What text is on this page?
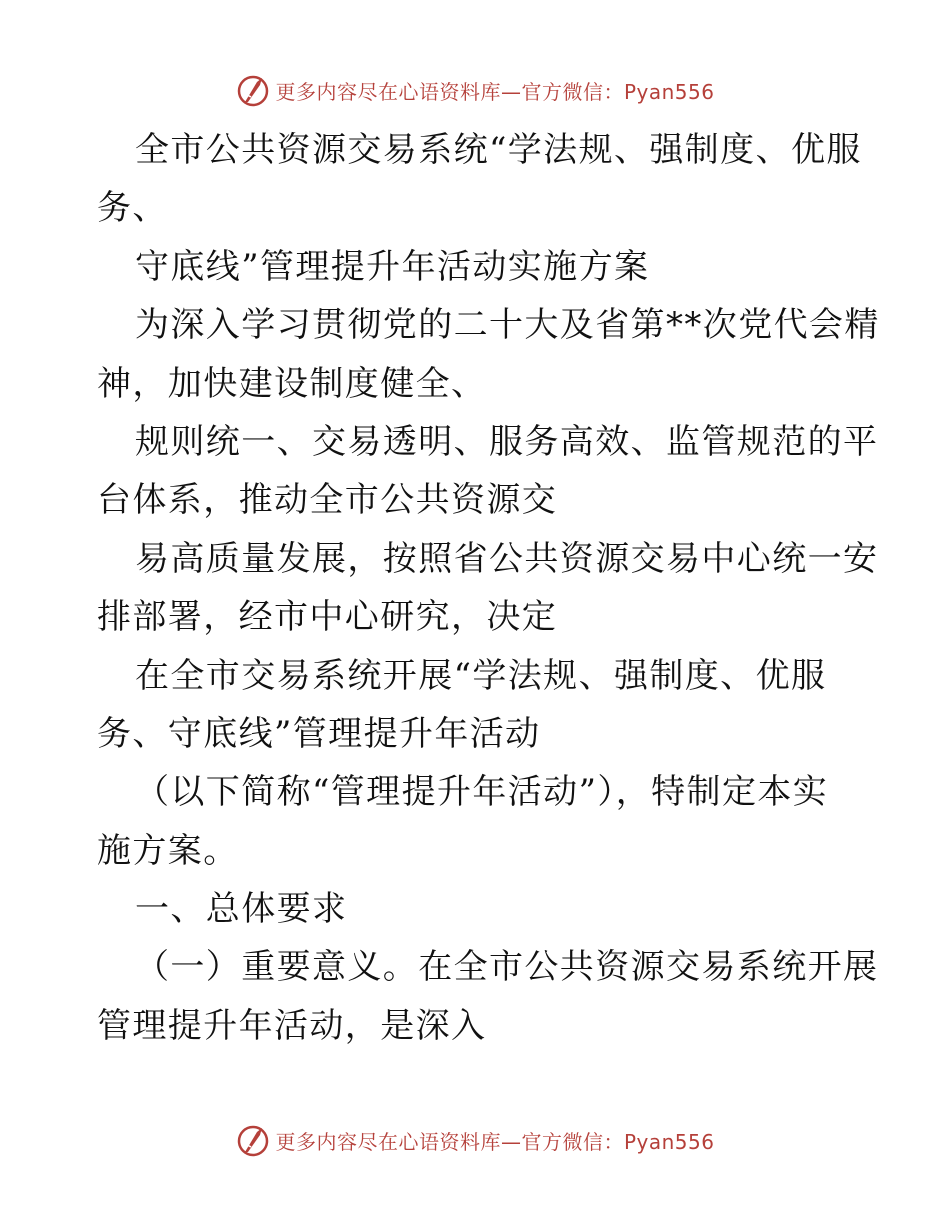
更多内容尽在心语资料库—官方微信：Pyan556
全市公共资源交易系统“学法规、强制度、优服
务、
守底线”管理提升年活动实施方案
为深入学习贯彻党的二十大及省第**次党代会精
神，加快建设制度健全、
规则统一、交易透明、服务高效、监管规范的平
台体系，推动全市公共资源交
易高质量发展，按照省公共资源交易中心统一安
排部署，经市中心研究，决定
在全市交易系统开展“学法规、强制度、优服
务、守底线”管理提升年活动
（以下简称“管理提升年活动”），特制定本实
施方案。
一、总体要求
（一）重要意义。在全市公共资源交易系统开展
管理提升年活动，是深入
更多内容尽在心语资料库—官方微信：Pyan556
